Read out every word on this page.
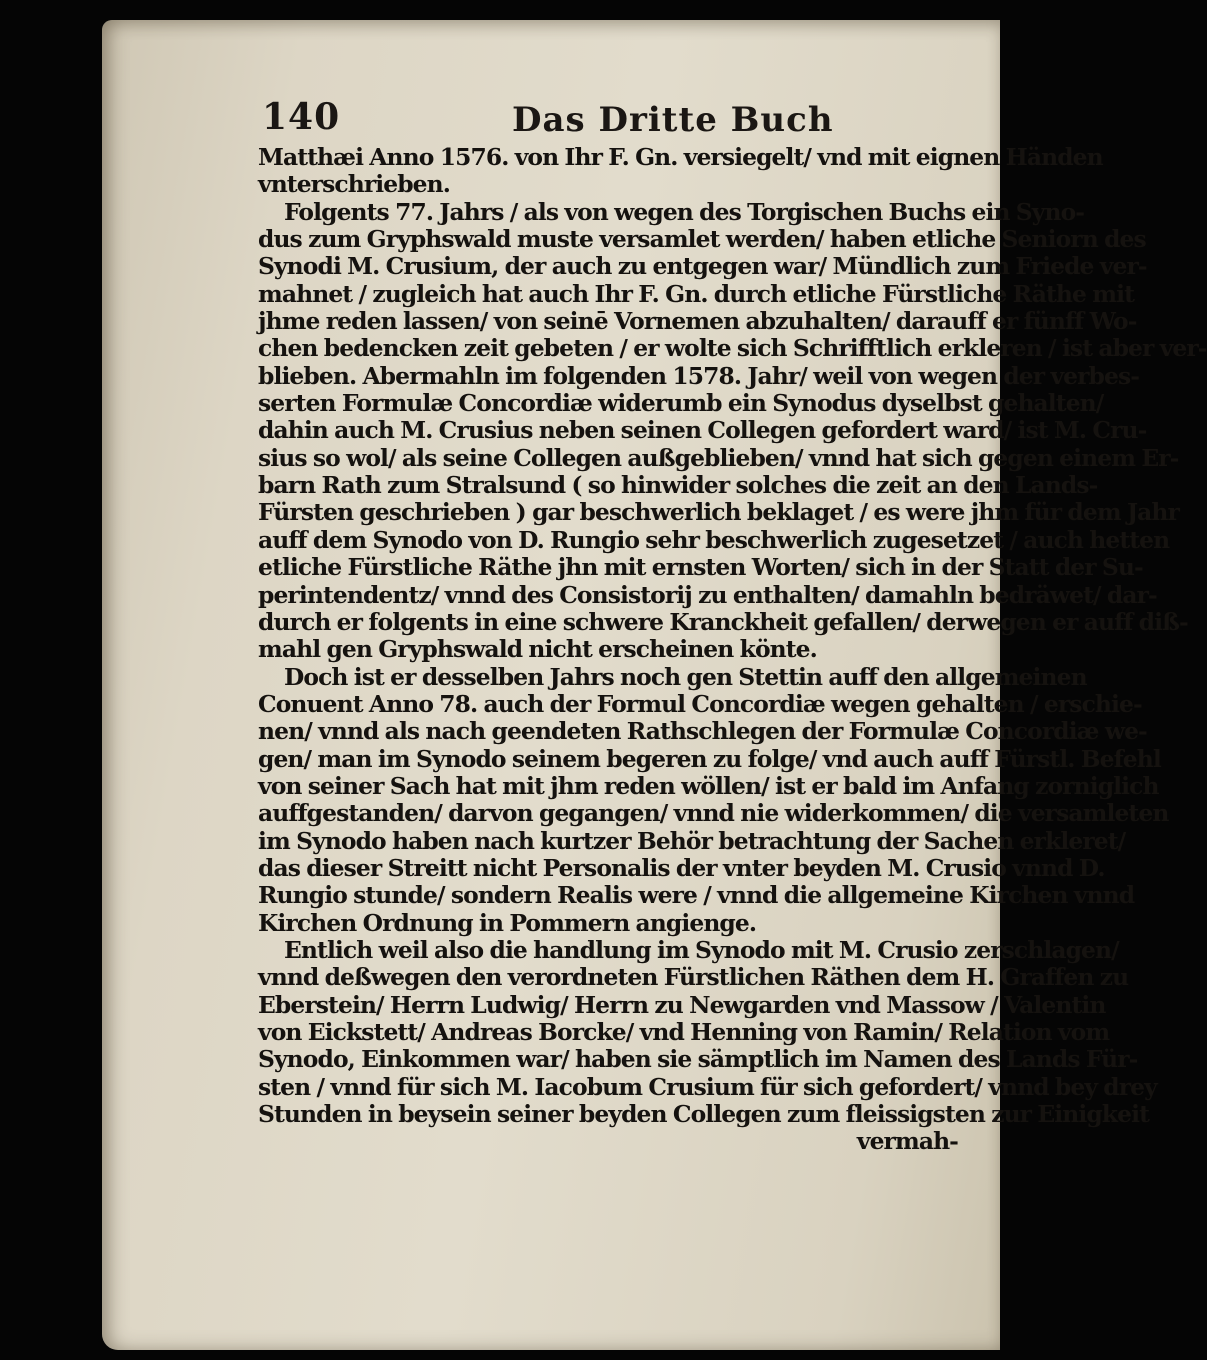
140	Das Dritte Buch
Matthæi Anno 1576. von Ihr F. Gn. versiegelt/ vnd mit eignen Händen
vnterschrieben.
Folgents 77. Jahrs / als von wegen des Torgischen Buchs ein Syno-
dus zum Gryphswald muste versamlet werden/ haben etliche Seniorn des
Synodi M. Crusium, der auch zu entgegen war/ Mündlich zum Friede ver-
mahnet / zugleich hat auch Ihr F. Gn. durch etliche Fürstliche Räthe mit
jhme reden lassen/ von seinē Vornemen abzuhalten/ darauff er fünff Wo-
chen bedencken zeit gebeten / er wolte sich Schrifftlich erkleren / ist aber ver-
blieben. Abermahln im folgenden 1578. Jahr/ weil von wegen der verbes-
serten Formulæ Concordiæ widerumb ein Synodus dyselbst gehalten/
dahin auch M. Crusius neben seinen Collegen gefordert ward/ ist M. Cru-
sius so wol/ als seine Collegen außgeblieben/ vnnd hat sich gegen einem Er-
barn Rath zum Stralsund ( so hinwider solches die zeit an den Lands-
Fürsten geschrieben ) gar beschwerlich beklaget / es were jhm für dem Jahr
auff dem Synodo von D. Rungio sehr beschwerlich zugesetzet / auch hetten
etliche Fürstliche Räthe jhn mit ernsten Worten/ sich in der Statt der Su-
perintendentz/ vnnd des Consistorij zu enthalten/ damahln bedräwet/ dar-
durch er folgents in eine schwere Kranckheit gefallen/ derwegen er auff diß-
mahl gen Gryphswald nicht erscheinen könte.
Doch ist er desselben Jahrs noch gen Stettin auff den allgemeinen
Conuent Anno 78. auch der Formul Concordiæ wegen gehalten / erschie-
nen/ vnnd als nach geendeten Rathschlegen der Formulæ Concordiæ we-
gen/ man im Synodo seinem begeren zu folge/ vnd auch auff Fürstl. Befehl
von seiner Sach hat mit jhm reden wöllen/ ist er bald im Anfang zorniglich
auffgestanden/ darvon gegangen/ vnnd nie widerkommen/ die versamleten
im Synodo haben nach kurtzer Behör betrachtung der Sachen erkleret/
das dieser Streitt nicht Personalis der vnter beyden M. Crusio vnnd D.
Rungio stunde/ sondern Realis were / vnnd die allgemeine Kirchen vnnd
Kirchen Ordnung in Pommern angienge.
Entlich weil also die handlung im Synodo mit M. Crusio zerschlagen/
vnnd deßwegen den verordneten Fürstlichen Räthen dem H. Graffen zu
Eberstein/ Herrn Ludwig/ Herrn zu Newgarden vnd Massow / Valentin
von Eickstett/ Andreas Borcke/ vnd Henning von Ramin/ Relation vom
Synodo, Einkommen war/ haben sie sämptlich im Namen des Lands Für-
sten / vnnd für sich M. Iacobum Crusium für sich gefordert/ vnnd bey drey
Stunden in beysein seiner beyden Collegen zum fleissigsten zur Einigkeit
vermah-
